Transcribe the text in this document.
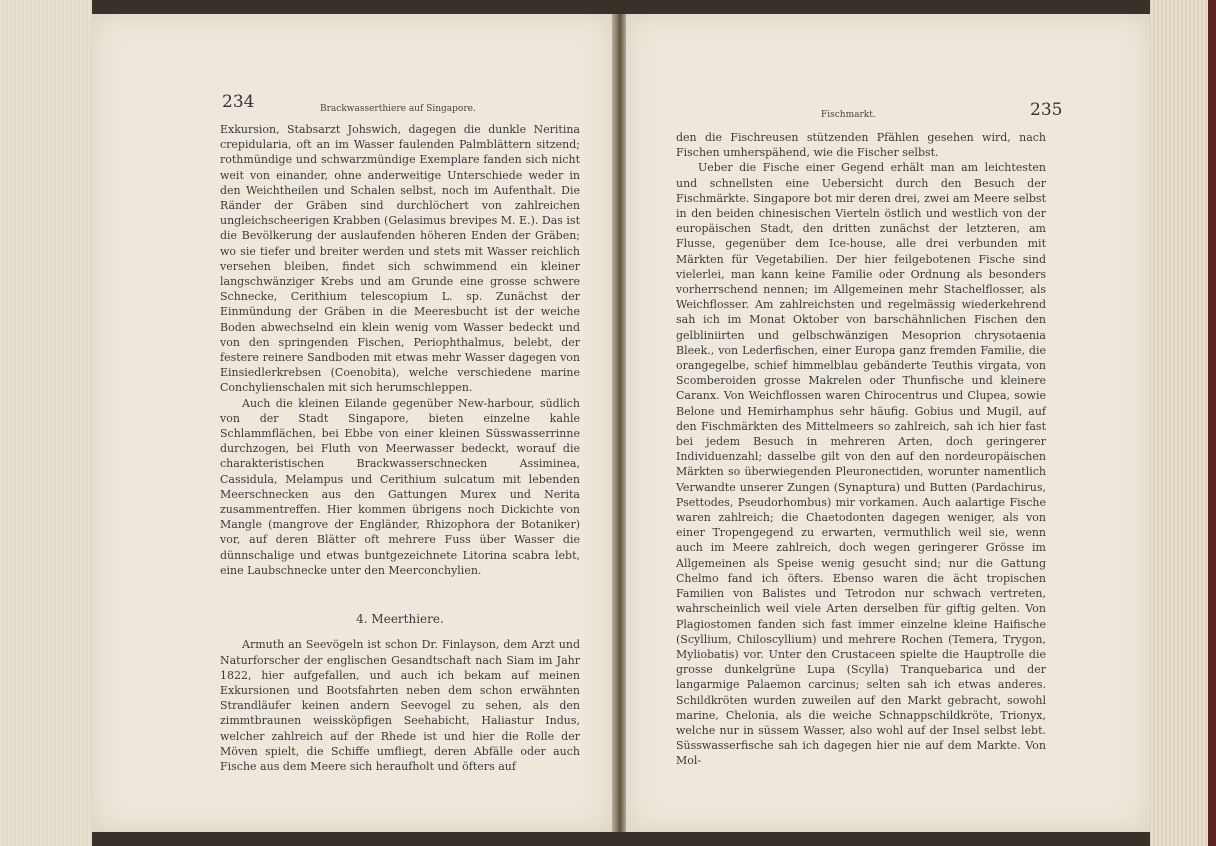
234	Brackwasserthiere auf Singapore.

Exkursion, Stabsarzt Johswich, dagegen die dunkle Neritina crepidularia, oft an im Wasser faulenden Palmblättern sitzend; rothmündige und schwarzmündige Exemplare fanden sich nicht weit von einander, ohne anderweitige Unterschiede weder in den Weichtheilen und Schalen selbst, noch im Aufenthalt. Die Ränder der Gräben sind durchlöchert von zahlreichen ungleichscheerigen Krabben (Gelasimus brevipes M. E.). Das ist die Bevölkerung der auslaufenden höheren Enden der Gräben; wo sie tiefer und breiter werden und stets mit Wasser reichlich versehen bleiben, findet sich schwimmend ein kleiner langschwänziger Krebs und am Grunde eine grosse schwere Schnecke, Cerithium telescopium L. sp. Zunächst der Einmündung der Gräben in die Meeresbucht ist der weiche Boden abwechselnd ein klein wenig vom Wasser bedeckt und von den springenden Fischen, Periophthalmus, belebt, der festere reinere Sandboden mit etwas mehr Wasser dagegen von Einsiedlerkrebsen (Coenobita), welche verschiedene marine Conchylienschalen mit sich herumschleppen.

Auch die kleinen Eilande gegenüber New-harbour, südlich von der Stadt Singapore, bieten einzelne kahle Schlammflächen, bei Ebbe von einer kleinen Süsswasserrinne durchzogen, bei Fluth von Meerwasser bedeckt, worauf die charakteristischen Brackwasserschnecken Assiminea, Cassidula, Melampus und Cerithium sulcatum mit lebenden Meerschnecken aus den Gattungen Murex und Nerita zusammentreffen. Hier kommen übrigens noch Dickichte von Mangle (mangrove der Engländer, Rhizophora der Botaniker) vor, auf deren Blätter oft mehrere Fuss über Wasser die dünnschalige und etwas buntgezeichnete Litorina scabra lebt, eine Laubschnecke unter den Meerconchylien.

4. Meerthiere.

Armuth an Seevögeln ist schon Dr. Finlayson, dem Arzt und Naturforscher der englischen Gesandtschaft nach Siam im Jahr 1822, hier aufgefallen, und auch ich bekam auf meinen Exkursionen und Bootsfahrten neben dem schon erwähnten Strandläufer keinen andern Seevogel zu sehen, als den zimmtbraunen weissköpfigen Seehabicht, Haliastur Indus, welcher zahlreich auf der Rhede ist und hier die Rolle der Möven spielt, die Schiffe umfliegt, deren Abfälle oder auch Fische aus dem Meere sich heraufholt und öfters auf

Fischmarkt.	235

den die Fischreusen stützenden Pfählen gesehen wird, nach Fischen umherspähend, wie die Fischer selbst.

Ueber die Fische einer Gegend erhält man am leichtesten und schnellsten eine Uebersicht durch den Besuch der Fischmärkte. Singapore bot mir deren drei, zwei am Meere selbst in den beiden chinesischen Vierteln östlich und westlich von der europäischen Stadt, den dritten zunächst der letzteren, am Flusse, gegenüber dem Ice-house, alle drei verbunden mit Märkten für Vegetabilien. Der hier feilgebotenen Fische sind vielerlei, man kann keine Familie oder Ordnung als besonders vorherrschend nennen; im Allgemeinen mehr Stachelflosser, als Weichflosser. Am zahlreichsten und regelmässig wiederkehrend sah ich im Monat Oktober von barschähnlichen Fischen den gelbliniirten und gelbschwänzigen Mesoprion chrysotaenia Bleek., von Lederfischen, einer Europa ganz fremden Familie, die orangegelbe, schief himmelblau gebänderte Teuthis virgata, von Scomberoiden grosse Makrelen oder Thunfische und kleinere Caranx. Von Weichflossen waren Chirocentrus und Clupea, sowie Belone und Hemirhamphus sehr häufig. Gobius und Mugil, auf den Fischmärkten des Mittelmeers so zahlreich, sah ich hier fast bei jedem Besuch in mehreren Arten, doch geringerer Individuenzahl; dasselbe gilt von den auf den nordeuropäischen Märkten so überwiegenden Pleuronectiden, worunter namentlich Verwandte unserer Zungen (Synaptura) und Butten (Pardachirus, Psettodes, Pseudorhombus) mir vorkamen. Auch aalartige Fische waren zahlreich; die Chaetodonten dagegen weniger, als von einer Tropengegend zu erwarten, vermuthlich weil sie, wenn auch im Meere zahlreich, doch wegen geringerer Grösse im Allgemeinen als Speise wenig gesucht sind; nur die Gattung Chelmo fand ich öfters. Ebenso waren die ächt tropischen Familien von Balistes und Tetrodon nur schwach vertreten, wahrscheinlich weil viele Arten derselben für giftig gelten. Von Plagiostomen fanden sich fast immer einzelne kleine Haifische (Scyllium, Chiloscyllium) und mehrere Rochen (Temera, Trygon, Myliobatis) vor. Unter den Crustaceen spielte die Hauptrolle die grosse dunkelgrüne Lupa (Scylla) Tranquebarica und der langarmige Palaemon carcinus; selten sah ich etwas anderes. Schildkröten wurden zuweilen auf den Markt gebracht, sowohl marine, Chelonia, als die weiche Schnappschildkröte, Trionyx, welche nur in süssem Wasser, also wohl auf der Insel selbst lebt. Süsswasserfische sah ich dagegen hier nie auf dem Markte. Von Mol-
